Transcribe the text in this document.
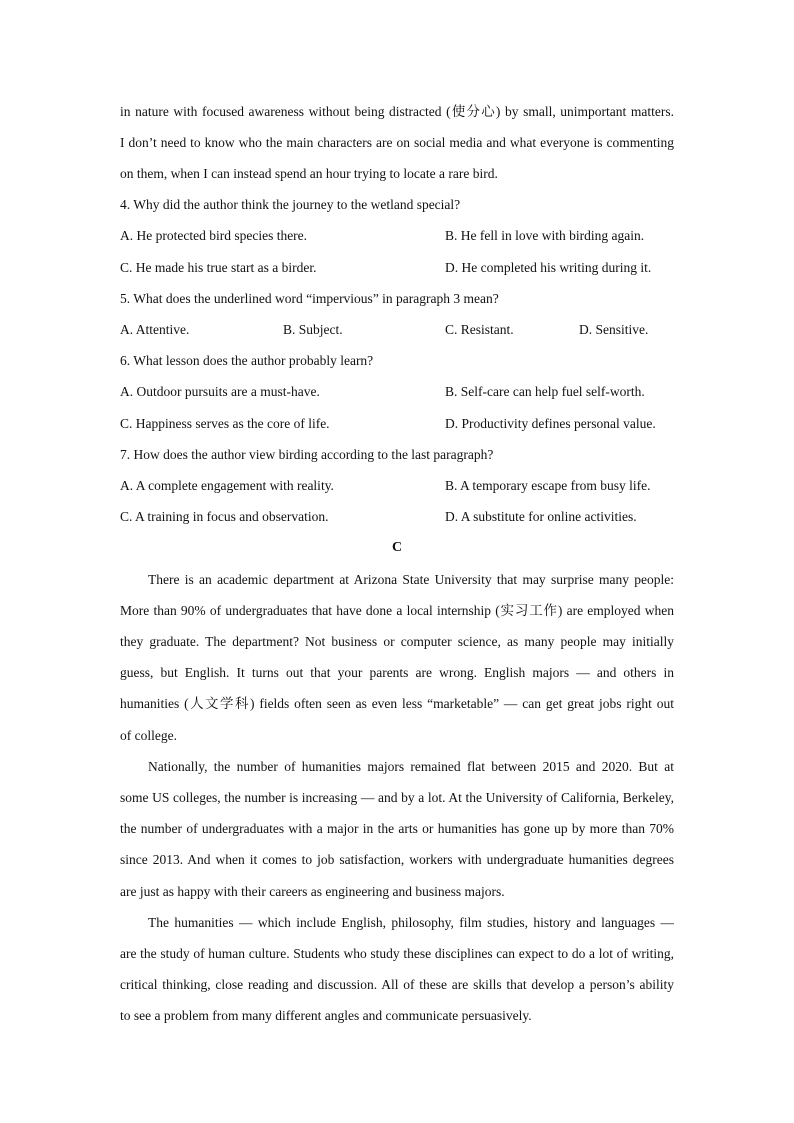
in nature with focused awareness without being distracted (使分心) by small, unimportant matters.
I don’t need to know who the main characters are on social media and what everyone is commenting
on them, when I can instead spend an hour trying to locate a rare bird.
4. Why did the author think the journey to the wetland special?
A. He protected bird species there.	B. He fell in love with birding again.
C. He made his true start as a birder.	D. He completed his writing during it.
5. What does the underlined word “impervious” in paragraph 3 mean?
A. Attentive.	B. Subject.	C. Resistant.	D. Sensitive.
6. What lesson does the author probably learn?
A. Outdoor pursuits are a must-have.	B. Self-care can help fuel self-worth.
C. Happiness serves as the core of life.	D. Productivity defines personal value.
7. How does the author view birding according to the last paragraph?
A. A complete engagement with reality.	B. A temporary escape from busy life.
C. A training in focus and observation.	D. A substitute for online activities.
C
There is an academic department at Arizona State University that may surprise many people:
More than 90% of undergraduates that have done a local internship (实习工作) are employed when
they graduate. The department? Not business or computer science, as many people may initially
guess, but English. It turns out that your parents are wrong. English majors — and others in
humanities (人文学科) fields often seen as even less “marketable” — can get great jobs right out
of college.
Nationally, the number of humanities majors remained flat between 2015 and 2020. But at
some US colleges, the number is increasing — and by a lot. At the University of California, Berkeley,
the number of undergraduates with a major in the arts or humanities has gone up by more than 70%
since 2013. And when it comes to job satisfaction, workers with undergraduate humanities degrees
are just as happy with their careers as engineering and business majors.
The humanities — which include English, philosophy, film studies, history and languages —
are the study of human culture. Students who study these disciplines can expect to do a lot of writing,
critical thinking, close reading and discussion. All of these are skills that develop a person’s ability
to see a problem from many different angles and communicate persuasively.
